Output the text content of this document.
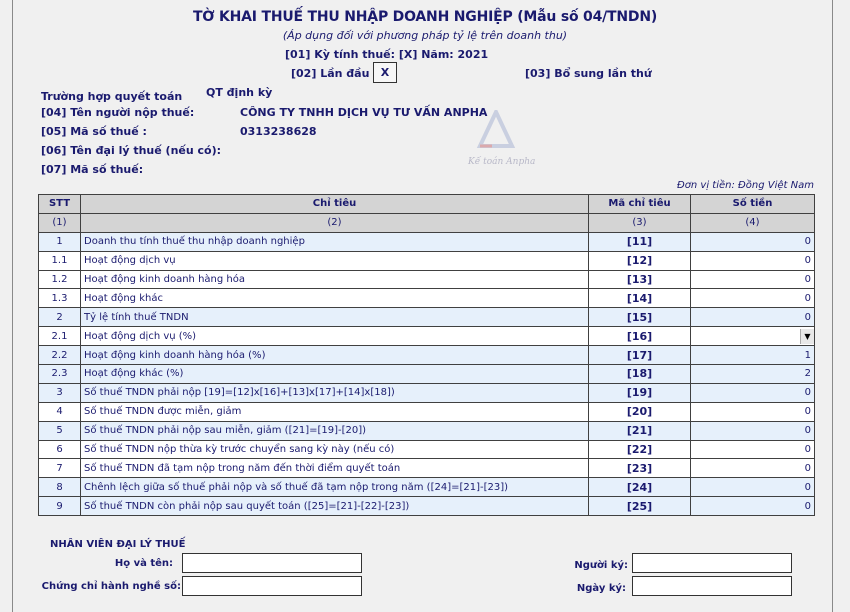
TỜ KHAI THUẾ THU NHẬP DOANH NGHIỆP (Mẫu số 04/TNDN)
(Áp dụng đối với phương pháp tỷ lệ trên doanh thu)
[01] Kỳ tính thuế: [X] Năm: 2021
[02] Lần đầu	X	[03] Bổ sung lần thứ
Trường hợp quyết toán QT định kỳ
[04] Tên người nộp thuế:	CÔNG TY TNHH DỊCH VỤ TƯ VẤN ANPHA
[05] Mã số thuế :	0313238628
[06] Tên đại lý thuế (nếu có):
[07] Mã số thuế:
Kế toán Anpha
Đơn vị tiền: Đồng Việt Nam
STT	Chỉ tiêu	Mã chỉ tiêu	Số tiền
(1)	(2)	(3)	(4)
1	Doanh thu tính thuế thu nhập doanh nghiệp	[11]	0
1.1	Hoạt động dịch vụ	[12]	0
1.2	Hoạt động kinh doanh hàng hóa	[13]	0
1.3	Hoạt động khác	[14]	0
2	Tỷ lệ tính thuế TNDN	[15]	0
2.1	Hoạt động dịch vụ (%)	[16]	▼

2.2	Hoạt động kinh doanh hàng hóa (%)	[17]	1
2.3	Hoạt động khác (%)	[18]	2
3	Số thuế TNDN phải nộp [19]=[12]x[16]+[13]x[17]+[14]x[18])	[19]	0
4	Số thuế TNDN được miễn, giảm	[20]	0
5	Số thuế TNDN phải nộp sau miễn, giảm ([21]=[19]-[20])	[21]	0
6	Số thuế TNDN nộp thừa kỳ trước chuyển sang kỳ này (nếu có)	[22]	0
7	Số thuế TNDN đã tạm nộp trong năm đến thời điểm quyết toán	[23]	0
8	Chênh lệch giữa số thuế phải nộp và số thuế đã tạm nộp trong năm ([24]=[21]-[23])	[24]	0
9	Số thuế TNDN còn phải nộp sau quyết toán ([25]=[21]-[22]-[23])	[25]	0
NHÂN VIÊN ĐẠI LÝ THUẾ
Họ và tên:
Chứng chỉ hành nghề số:
Người ký:
Ngày ký:
